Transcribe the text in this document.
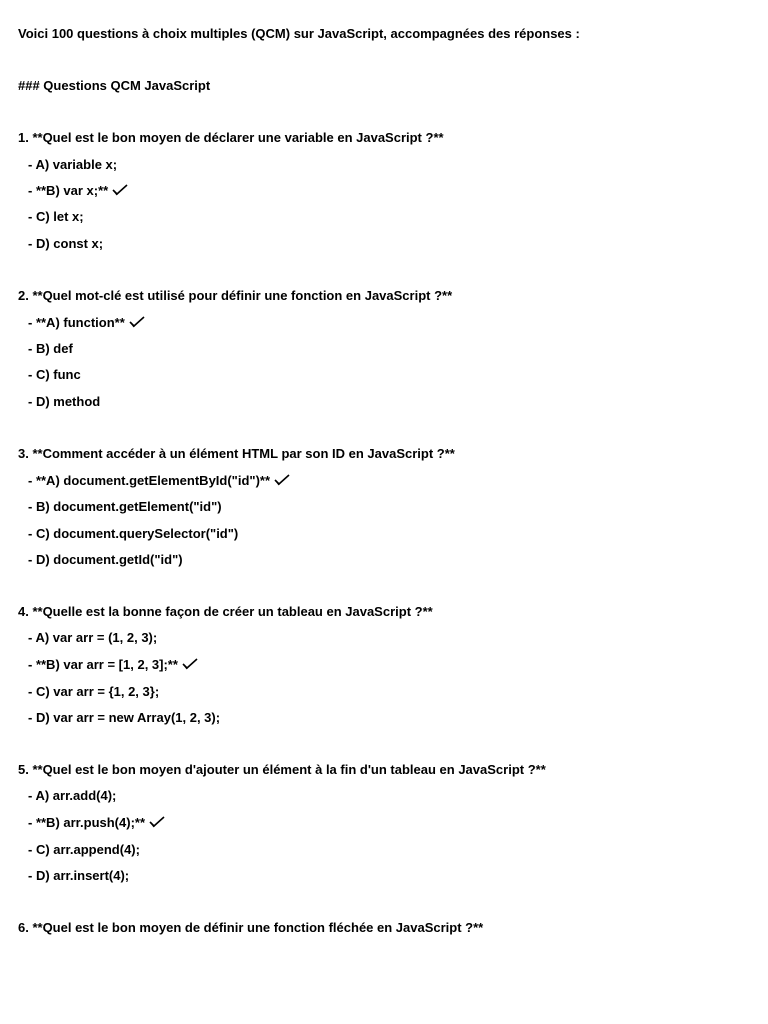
Voici 100 questions à choix multiples (QCM) sur JavaScript, accompagnées des réponses :
### Questions QCM JavaScript
1. **Quel est le bon moyen de déclarer une variable en JavaScript ?**
- A) variable x;
- **B) var x;**
- C) let x;
- D) const x;
2. **Quel mot-clé est utilisé pour définir une fonction en JavaScript ?**
- **A) function**
- B) def
- C) func
- D) method
3. **Comment accéder à un élément HTML par son ID en JavaScript ?**
- **A) document.getElementById("id")**
- B) document.getElement("id")
- C) document.querySelector("id")
- D) document.getId("id")
4. **Quelle est la bonne façon de créer un tableau en JavaScript ?**
- A) var arr = (1, 2, 3);
- **B) var arr = [1, 2, 3];**
- C) var arr = {1, 2, 3};
- D) var arr = new Array(1, 2, 3);
5. **Quel est le bon moyen d'ajouter un élément à la fin d'un tableau en JavaScript ?**
- A) arr.add(4);
- **B) arr.push(4);**
- C) arr.append(4);
- D) arr.insert(4);
6. **Quel est le bon moyen de définir une fonction fléchée en JavaScript ?**
